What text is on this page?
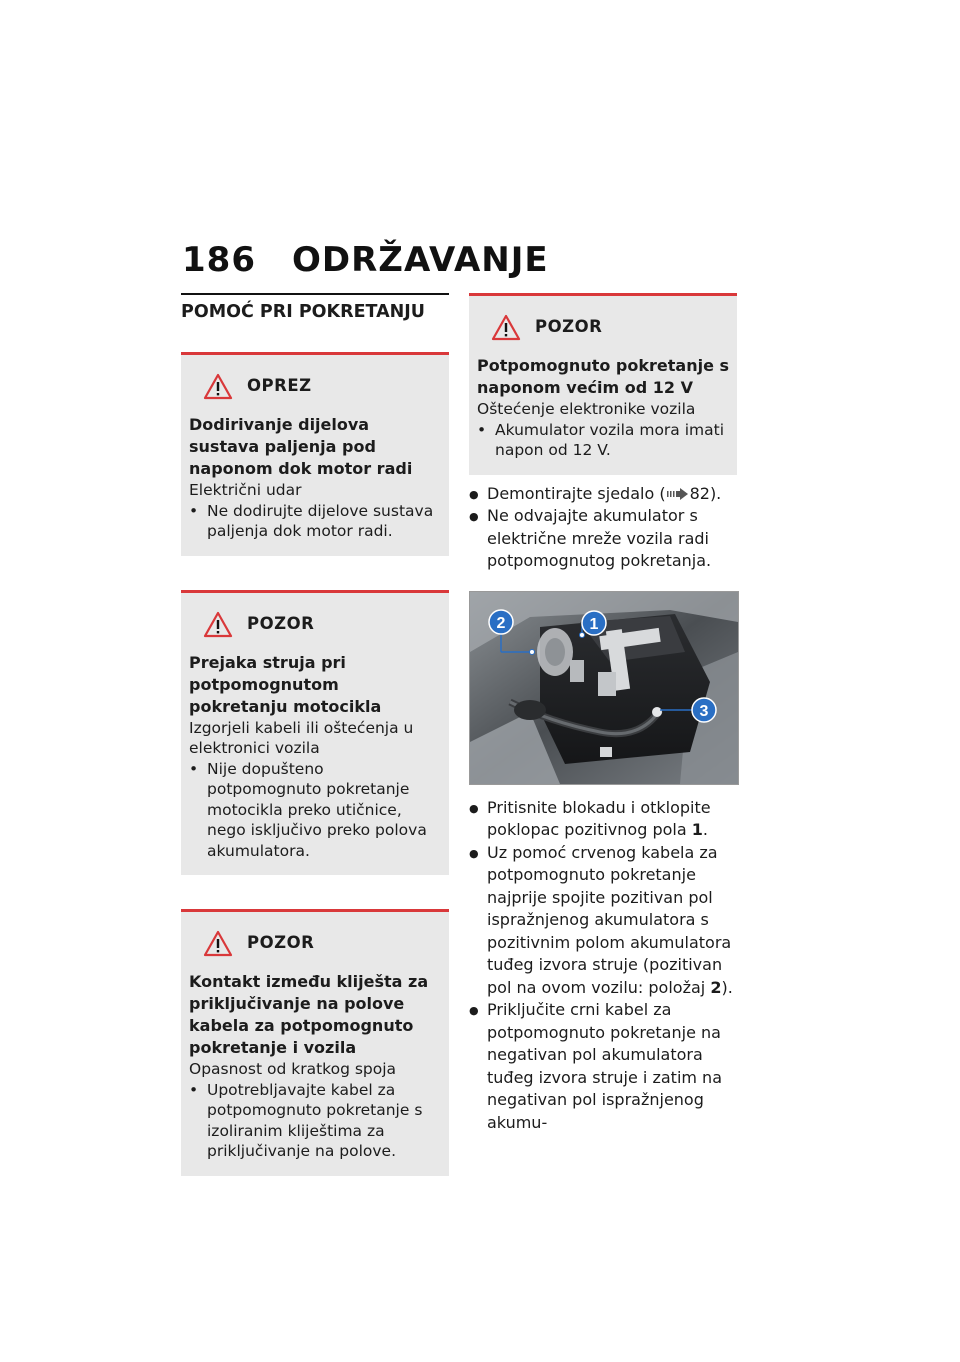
186 ODRŽAVANJE
POMOĆ PRI POKRETANJU
OPREZ
Dodirivanje dijelova sustava paljenja pod naponom dok motor radi
Električni udar
• Ne dodirujte dijelove sustava paljenja dok motor radi.
POZOR
Prejaka struja pri potpomognutom pokretanju motocikla
Izgorjeli kabeli ili oštećenja u elektronici vozila
• Nije dopušteno potpomognuto pokretanje motocikla preko utičnice, nego isključivo preko polova akumulatora.
POZOR
Kontakt između kliješta za priključivanje na polove kabela za potpomognuto pokretanje i vozila
Opasnost od kratkog spoja
• Upotrebljavajte kabel za potpomognuto pokretanje s izoliranim kliještima za priključivanje na polove.
POZOR
Potpomognuto pokretanje s naponom većim od 12 V
Oštećenje elektronike vozila
• Akumulator vozila mora imati napon od 12 V.
● Demontirajte sjedalo ( 82).
● Ne odvajajte akumulator s električne mreže vozila radi potpomognutog pokretanja.
1
2
3
● Pritisnite blokadu i otklopite poklopac pozitivnog pola 1.
● Uz pomoć crvenog kabela za potpomognuto pokretanje najprije spojite pozitivan pol ispražnjenog akumulatora s pozitivnim polom akumulatora tuđeg izvora struje (pozitivan pol na ovom vozilu: položaj 2).
● Priključite crni kabel za potpomognuto pokretanje na negativan pol akumulatora tuđeg izvora struje i zatim na negativan pol ispražnjenog akumu-
